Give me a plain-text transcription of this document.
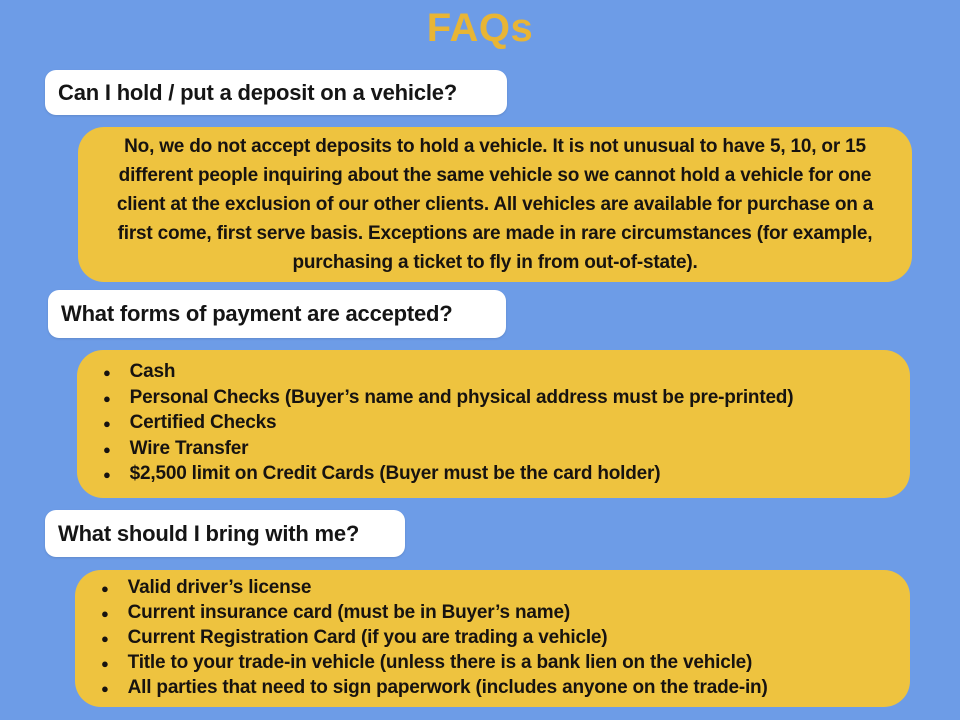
FAQs
Can I hold / put a deposit on a vehicle?

No, we do not accept deposits to hold a vehicle. It is not unusual to have 5, 10, or 15 different people inquiring about the same vehicle so we cannot hold a vehicle for one client at the exclusion of our other clients. All vehicles are available for purchase on a first come, first serve basis. Exceptions are made in rare circumstances (for example, purchasing a ticket to fly in from out-of-state).

What forms of payment are accepted?
● Cash
● Personal Checks (Buyer’s name and physical address must be pre-printed)
● Certified Checks
● Wire Transfer
● $2,500 limit on Credit Cards (Buyer must be the card holder)
What should I bring with me?
● Valid driver’s license
● Current insurance card (must be in Buyer’s name)
● Current Registration Card (if you are trading a vehicle)
● Title to your trade-in vehicle (unless there is a bank lien on the vehicle)
● All parties that need to sign paperwork (includes anyone on the trade-in)
